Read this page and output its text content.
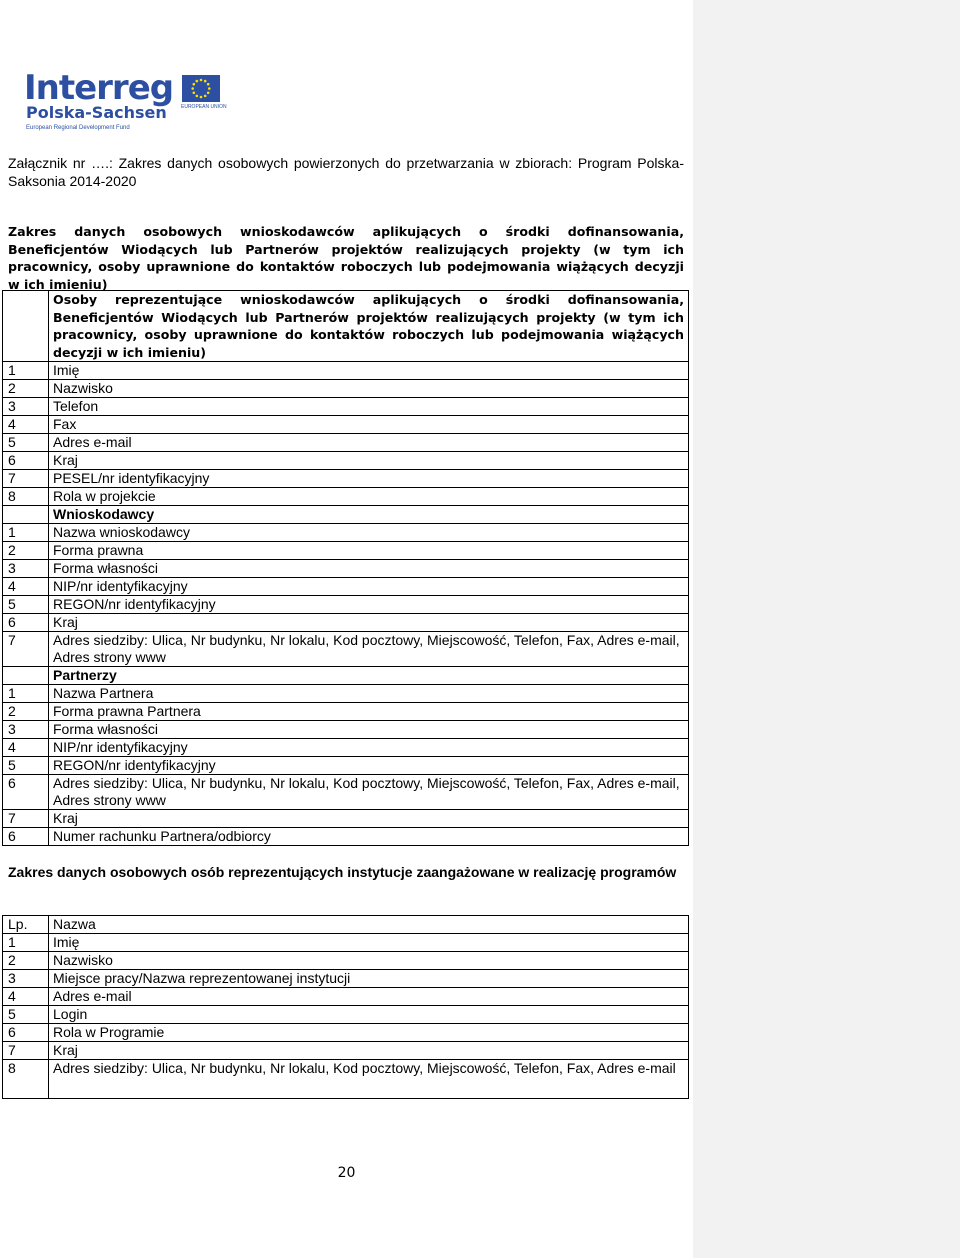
Interreg
Polska-Sachsen
European Regional Development Fund
EUROPEAN UNION
Załącznik nr ….: Zakres danych osobowych powierzonych do przetwarzania w zbiorach: Program Polska-Saksonia 2014-2020
Zakres danych osobowych wnioskodawców aplikujących o środki dofinansowania, Beneficjentów Wiodących lub Partnerów projektów realizujących projekty (w tym ich pracownicy, osoby uprawnione do kontaktów roboczych lub podejmowania wiążących decyzji w ich imieniu)
	Osoby reprezentujące wnioskodawców aplikujących o środki dofinansowania, Beneficjentów Wiodących lub Partnerów projektów realizujących projekty (w tym ich pracownicy, osoby uprawnione do kontaktów roboczych lub podejmowania wiążących decyzji w ich imieniu)
1	Imię
2	Nazwisko
3	Telefon
4	Fax
5	Adres e-mail
6	Kraj
7	PESEL/nr identyfikacyjny
8	Rola w projekcie
	Wnioskodawcy
1	Nazwa wnioskodawcy
2	Forma prawna
3	Forma własności
4	NIP/nr identyfikacyjny
5	REGON/nr identyfikacyjny
6	Kraj
7	Adres siedziby: Ulica, Nr budynku, Nr lokalu, Kod pocztowy, Miejscowość, Telefon, Fax, Adres e-mail, Adres strony www
	Partnerzy
1	Nazwa Partnera
2	Forma prawna Partnera
3	Forma własności
4	NIP/nr identyfikacyjny
5	REGON/nr identyfikacyjny
6	Adres siedziby: Ulica, Nr budynku, Nr lokalu, Kod pocztowy, Miejscowość, Telefon, Fax, Adres e-mail, Adres strony www
7	Kraj
6	Numer rachunku Partnera/odbiorcy
Zakres danych osobowych osób reprezentujących instytucje zaangażowane w realizację programów
Lp.	Nazwa
1	Imię
2	Nazwisko
3	Miejsce pracy/Nazwa reprezentowanej instytucji
4	Adres e-mail
5	Login
6	Rola w Programie
7	Kraj
8	Adres siedziby: Ulica, Nr budynku, Nr lokalu, Kod pocztowy, Miejscowość, Telefon, Fax, Adres e-mail
20
